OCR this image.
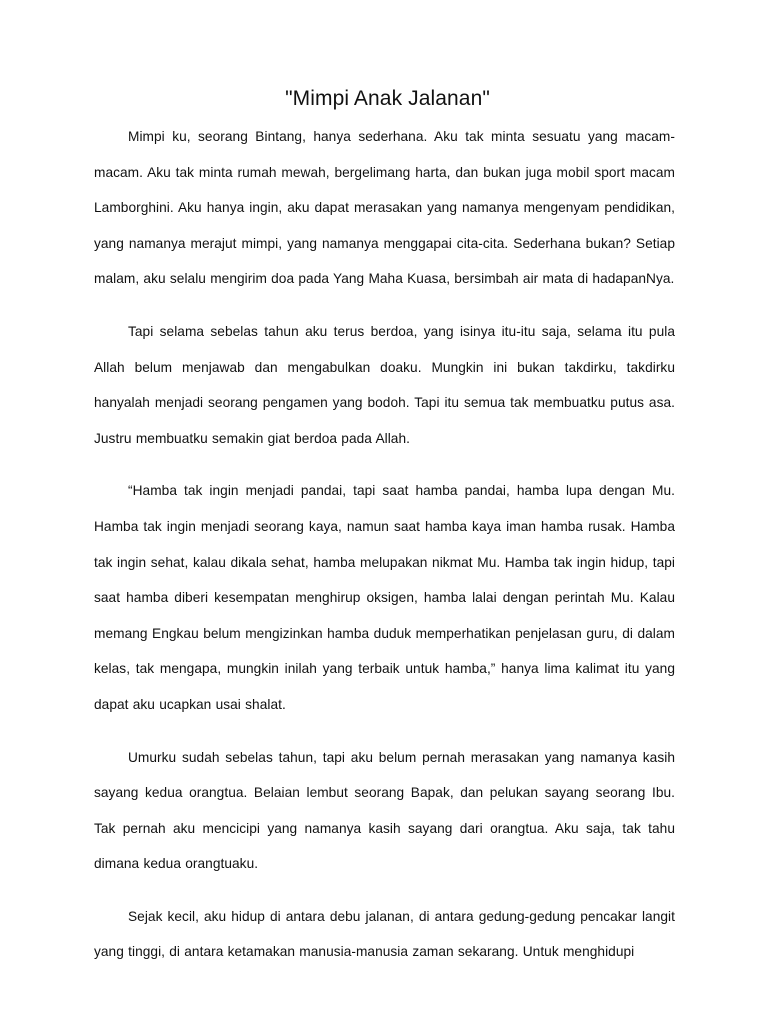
"Mimpi Anak Jalanan"

Mimpi ku, seorang Bintang, hanya sederhana. Aku tak minta sesuatu yang macam-macam. Aku tak minta rumah mewah, bergelimang harta, dan bukan juga mobil sport macam Lamborghini. Aku hanya ingin, aku dapat merasakan yang namanya mengenyam pendidikan, yang namanya merajut mimpi, yang namanya menggapai cita-cita. Sederhana bukan? Setiap malam, aku selalu mengirim doa pada Yang Maha Kuasa, bersimbah air mata di hadapanNya.

Tapi selama sebelas tahun aku terus berdoa, yang isinya itu-itu saja, selama itu pula Allah belum menjawab dan mengabulkan doaku. Mungkin ini bukan takdirku, takdirku hanyalah menjadi seorang pengamen yang bodoh. Tapi itu semua tak membuatku putus asa. Justru membuatku semakin giat berdoa pada Allah.

“Hamba tak ingin menjadi pandai, tapi saat hamba pandai, hamba lupa dengan Mu. Hamba tak ingin menjadi seorang kaya, namun saat hamba kaya iman hamba rusak. Hamba tak ingin sehat, kalau dikala sehat, hamba melupakan nikmat Mu. Hamba tak ingin hidup, tapi saat hamba diberi kesempatan menghirup oksigen, hamba lalai dengan perintah Mu. Kalau memang Engkau belum mengizinkan hamba duduk memperhatikan penjelasan guru, di dalam kelas, tak mengapa, mungkin inilah yang terbaik untuk hamba,” hanya lima kalimat itu yang dapat aku ucapkan usai shalat.

Umurku sudah sebelas tahun, tapi aku belum pernah merasakan yang namanya kasih sayang kedua orangtua. Belaian lembut seorang Bapak, dan pelukan sayang seorang Ibu. Tak pernah aku mencicipi yang namanya kasih sayang dari orangtua. Aku saja, tak tahu dimana kedua orangtuaku.

Sejak kecil, aku hidup di antara debu jalanan, di antara gedung-gedung pencakar langit yang tinggi, di antara ketamakan manusia-manusia zaman sekarang. Untuk menghidupi
